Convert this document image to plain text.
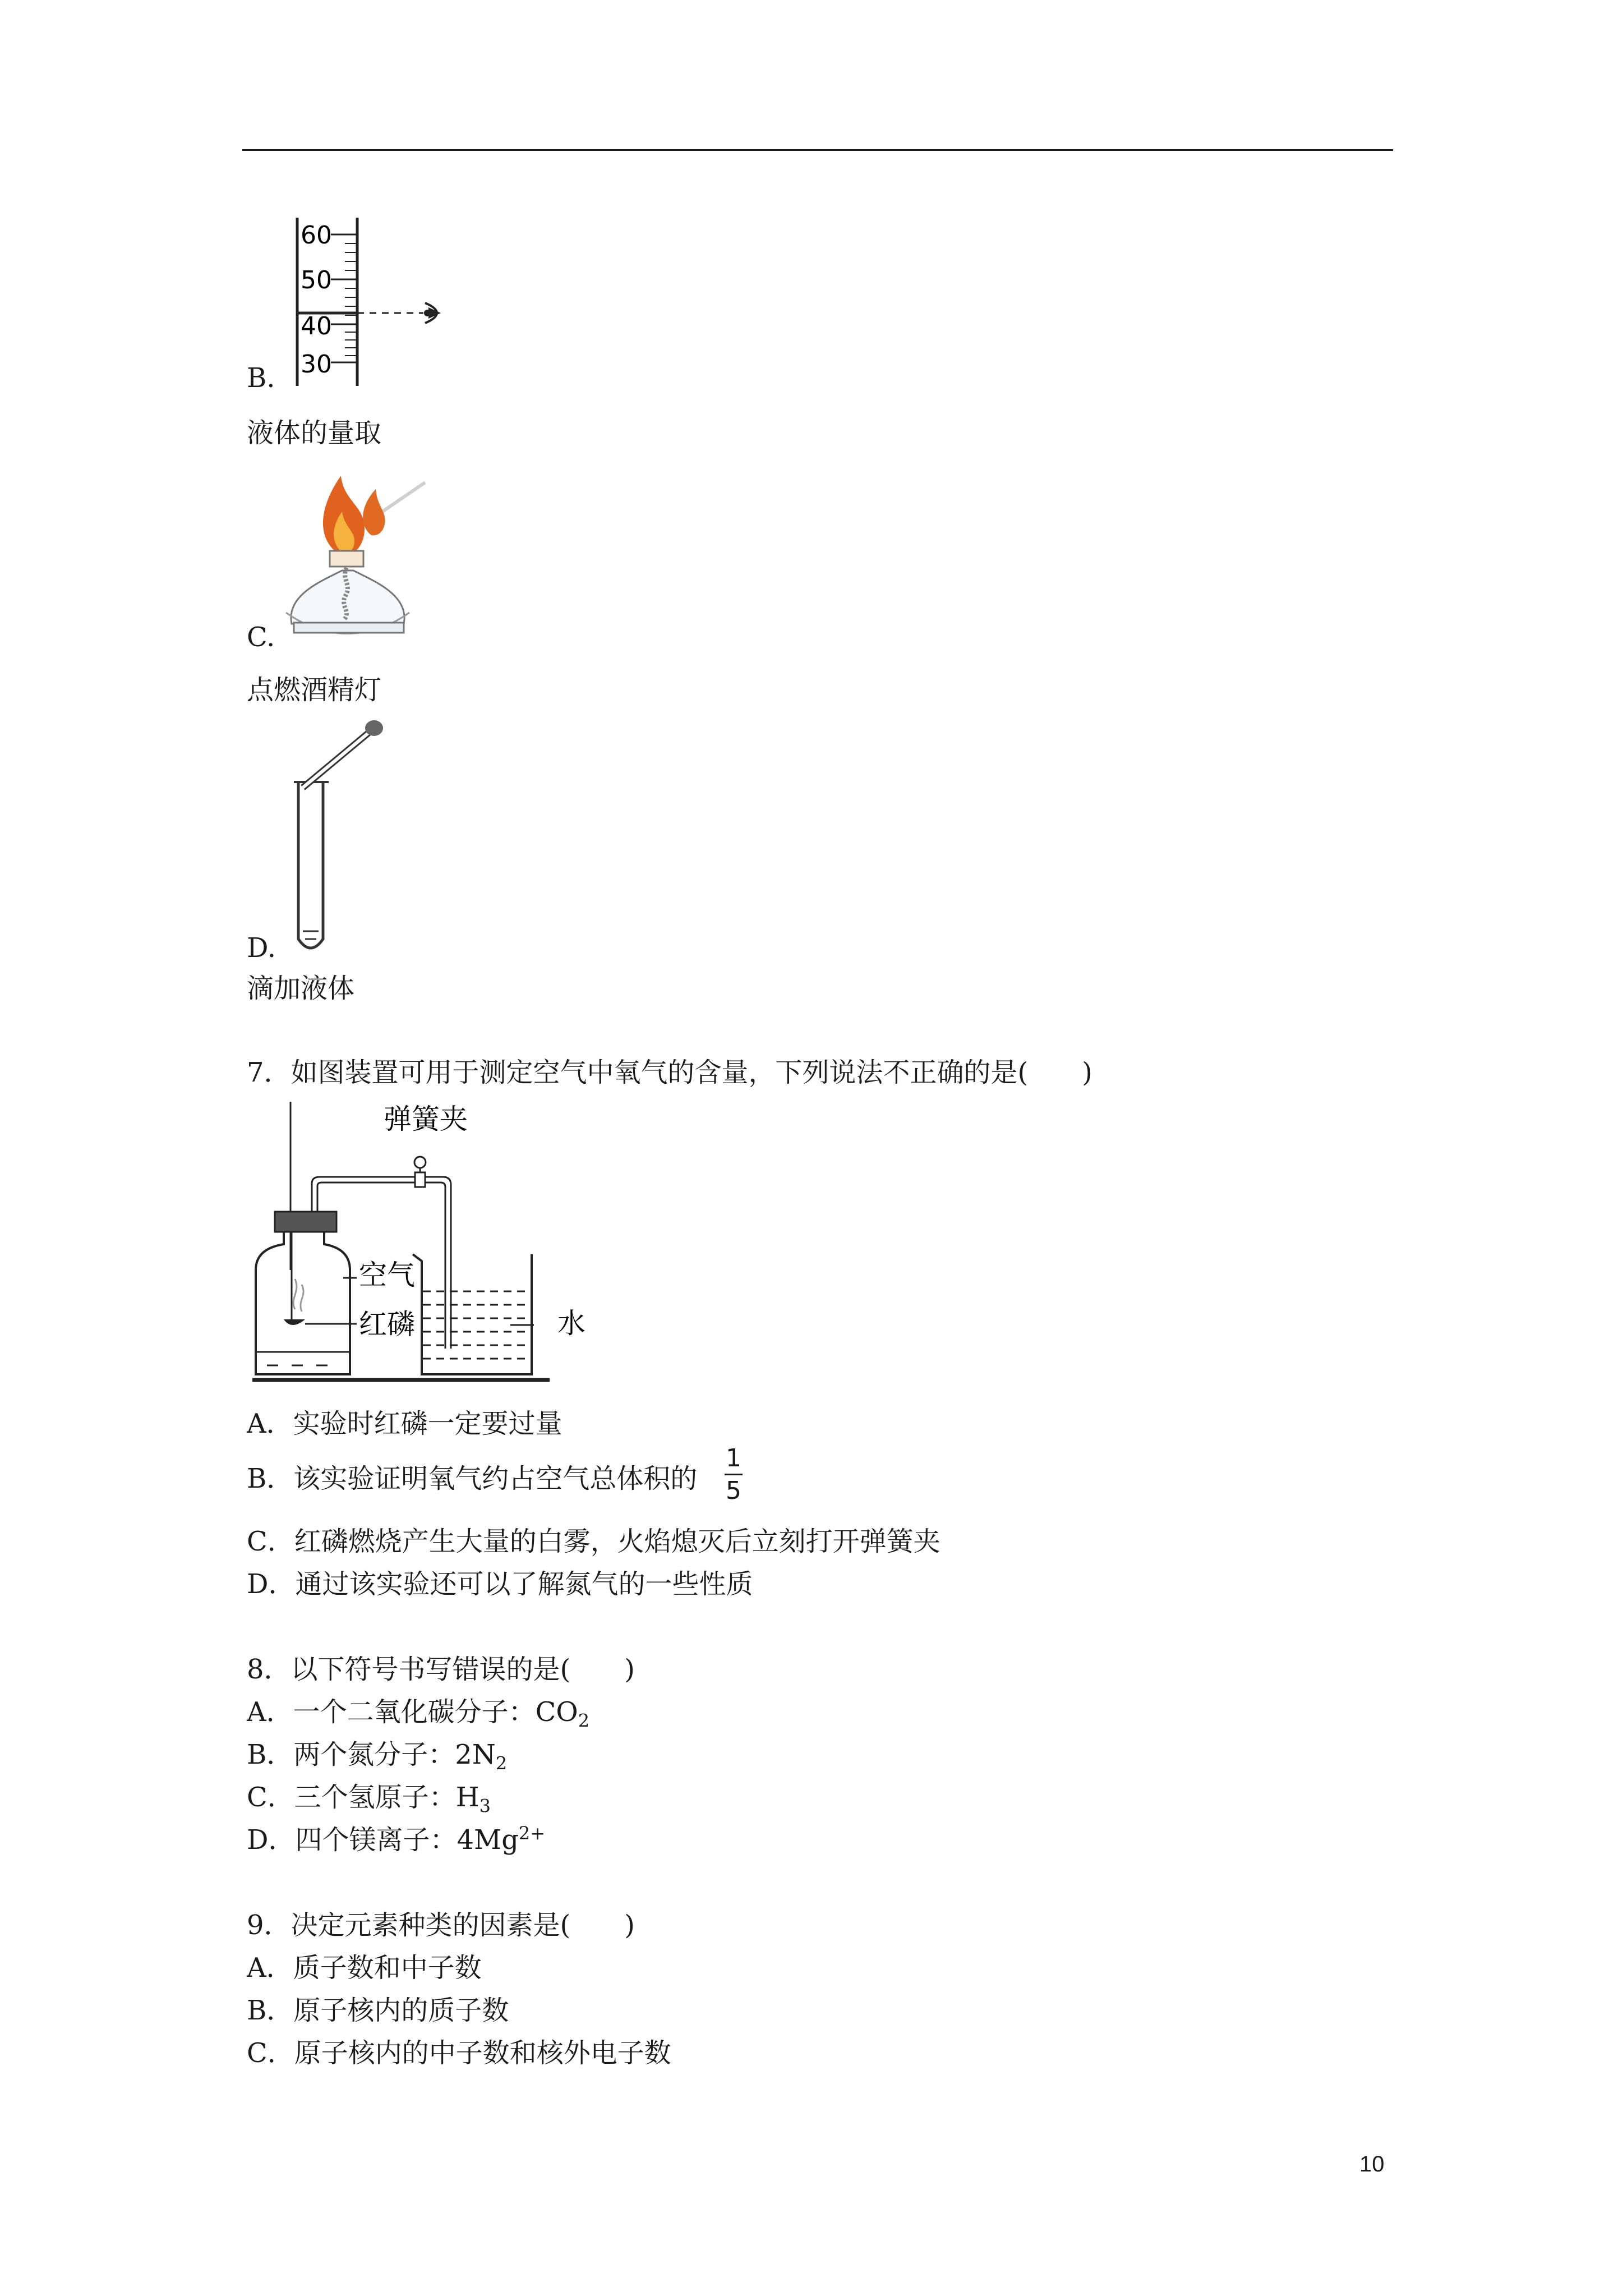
60
50
40
30
B.
液体的量取
C.
点燃酒精灯
D.
滴加液体
7．如图装置可用于测定空气中氧气的含量，下列说法不正确的是(　　)
弹簧夹
空气
红磷	水
A．实验时红磷一定要过量
B．该实验证明氧气约占空气总体积的
1
5
C．红磷燃烧产生大量的白雾，火焰熄灭后立刻打开弹簧夹
D．通过该实验还可以了解氮气的一些性质
8．以下符号书写错误的是(　　)
A．一个二氧化碳分子：$CO_2$
B．两个氮分子：$2N_2$
C．三个氢原子：$H_3$
D．四个镁离子：$4Mg^{2+}$
9．决定元素种类的因素是(　　)
A．质子数和中子数
B．原子核内的质子数
C．原子核内的中子数和核外电子数
10
